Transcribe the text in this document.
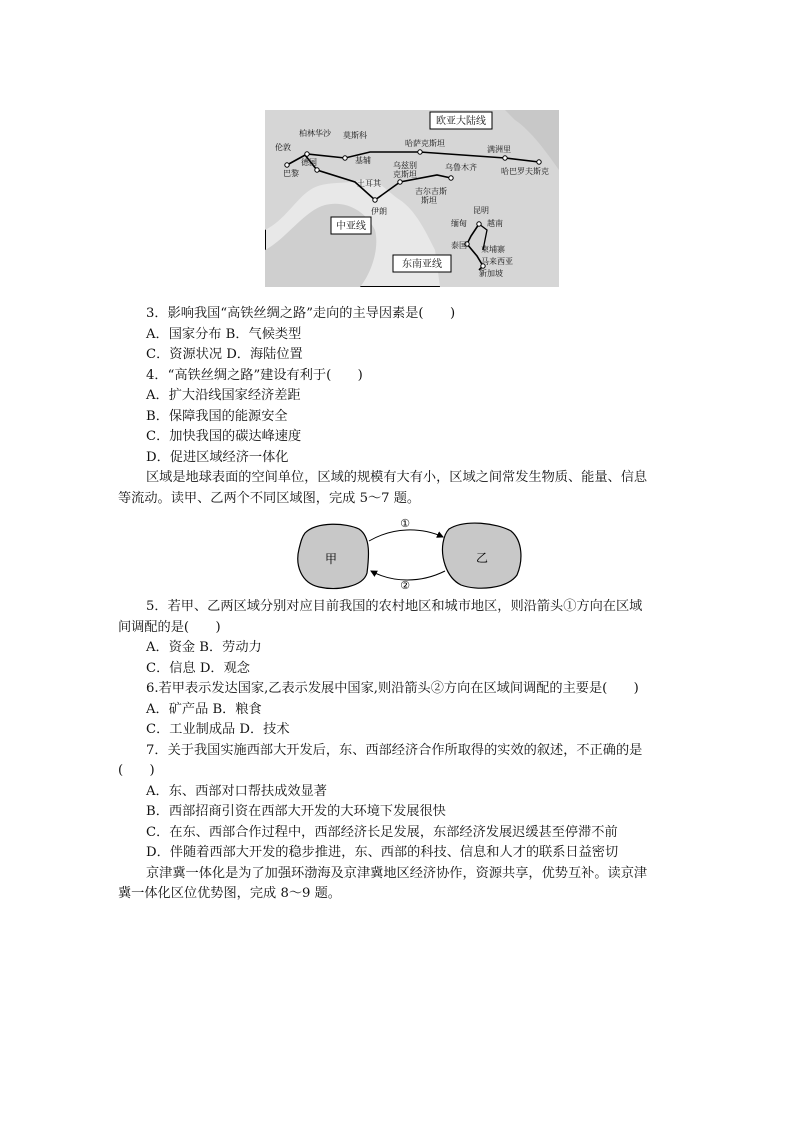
欧亚大陆线
中亚线
东南亚线
柏林华沙 莫斯科
伦敦
德国
巴黎
基辅
哈萨克斯坦
满洲里
哈巴罗夫斯克
乌兹别
克斯坦
乌鲁木齐
土耳其
吉尔吉斯
斯坦
伊朗
缅甸
昆明
越南
泰国 柬埔寨
马来西亚
新加坡
3．影响我国“高铁丝绸之路”走向的主导因素是(　　)
A．国家分布 B．气候类型
C．资源状况 D．海陆位置
4．“高铁丝绸之路”建设有利于(　　)
A．扩大沿线国家经济差距
B．保障我国的能源安全
C．加快我国的碳达峰速度
D．促进区域经济一体化
区域是地球表面的空间单位，区域的规模有大有小，区域之间常发生物质、能量、信息
等流动。读甲、乙两个不同区域图，完成 5～7 题。
甲	乙
①
②
5．若甲、乙两区域分别对应目前我国的农村地区和城市地区，则沿箭头①方向在区域
间调配的是(　　)
A．资金 B．劳动力
C．信息 D．观念
6.若甲表示发达国家,乙表示发展中国家,则沿箭头②方向在区域间调配的主要是(　　)
A．矿产品 B．粮食
C．工业制成品 D．技术
7．关于我国实施西部大开发后，东、西部经济合作所取得的实效的叙述，不正确的是
(　　)
A．东、西部对口帮扶成效显著
B．西部招商引资在西部大开发的大环境下发展很快
C．在东、西部合作过程中，西部经济长足发展，东部经济发展迟缓甚至停滞不前
D．伴随着西部大开发的稳步推进，东、西部的科技、信息和人才的联系日益密切
京津冀一体化是为了加强环渤海及京津冀地区经济协作，资源共享，优势互补。读京津
冀一体化区位优势图，完成 8～9 题。
